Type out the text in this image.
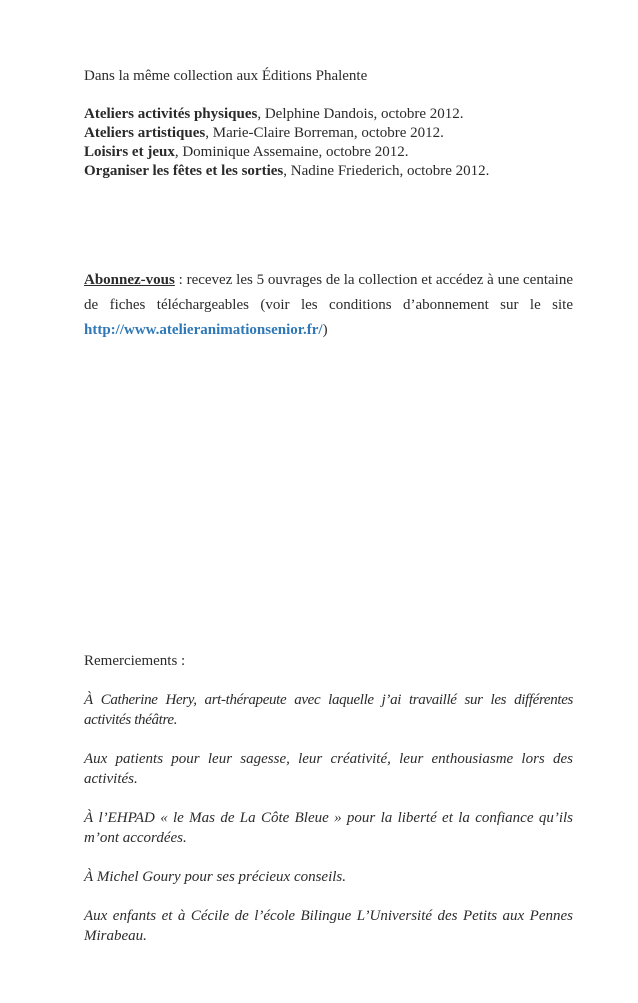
Dans la même collection aux Éditions Phalente

Ateliers activités physiques, Delphine Dandois, octobre 2012.

Ateliers artistiques, Marie-Claire Borreman, octobre 2012.

Loisirs et jeux, Dominique Assemaine, octobre 2012.

Organiser les fêtes et les sorties, Nadine Friederich, octobre 2012.

Abonnez-vous : recevez les 5 ouvrages de la collection et accédez à une centaine de fiches téléchargeables (voir les conditions d’abonnement sur le site http://www.atelieranimationsenior.fr/)

Remerciements :

À Catherine Hery, art-thérapeute avec laquelle j’ai travaillé sur les différentes activités théâtre.

Aux patients pour leur sagesse, leur créativité, leur enthousiasme lors des activités.

À l’EHPAD « le Mas de La Côte Bleue » pour la liberté et la confiance qu’ils m’ont accordées.

À Michel Goury pour ses précieux conseils.

Aux enfants et à Cécile de l’école Bilingue L’Université des Petits aux Pennes Mirabeau.
